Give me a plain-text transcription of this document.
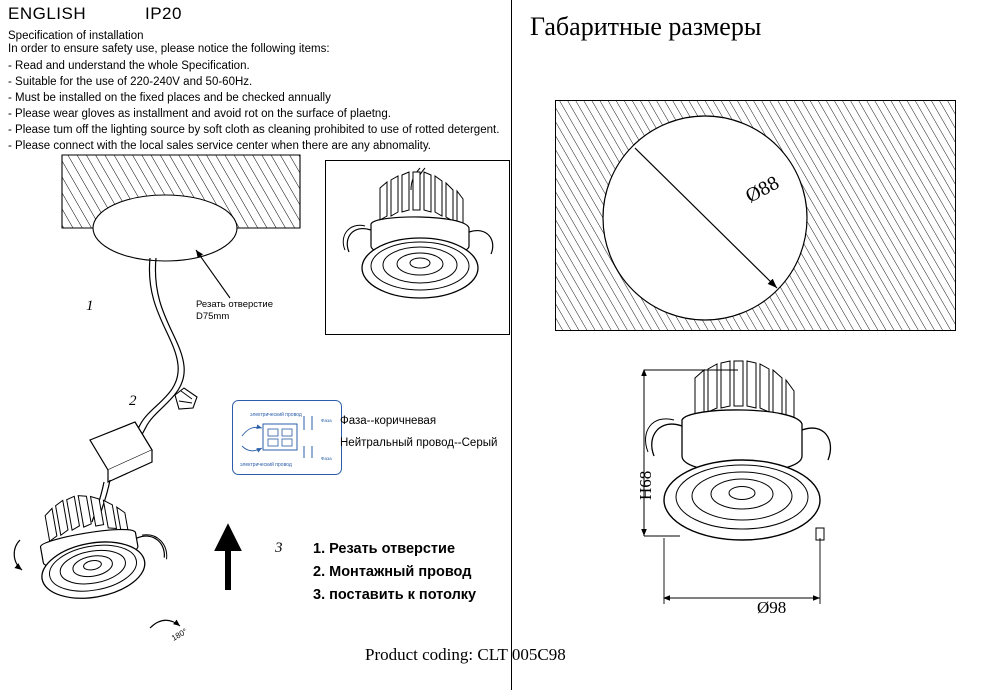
ENGLISH	IP20
Specification of installation
In order to ensure safety use, please notice the following items:
- Read and understand the whole Specification.
- Suitable for the use of 220-240V and 50-60Hz.
- Must be installed on the fixed places and be checked annually
- Please wear gloves as installment and avoid rot on the surface of plaetng.
- Please tum off the lighting source by soft cloth as cleaning prohibited to use of rotted detergent.
- Please connect with the local sales service center when there are any abnomality.
Габаритные размеры
1
2
3
Резать отверстие
D75mm
180°
электрический провод
электрический провод
Фаза
Фаза
Фаза--коричневая
Нейтральный провод--Серый
1. Резать отверстие
2. Монтажный провод
3. поставить к потолку
Ø88
H68
Ø98
Product coding: CLT 005C98
